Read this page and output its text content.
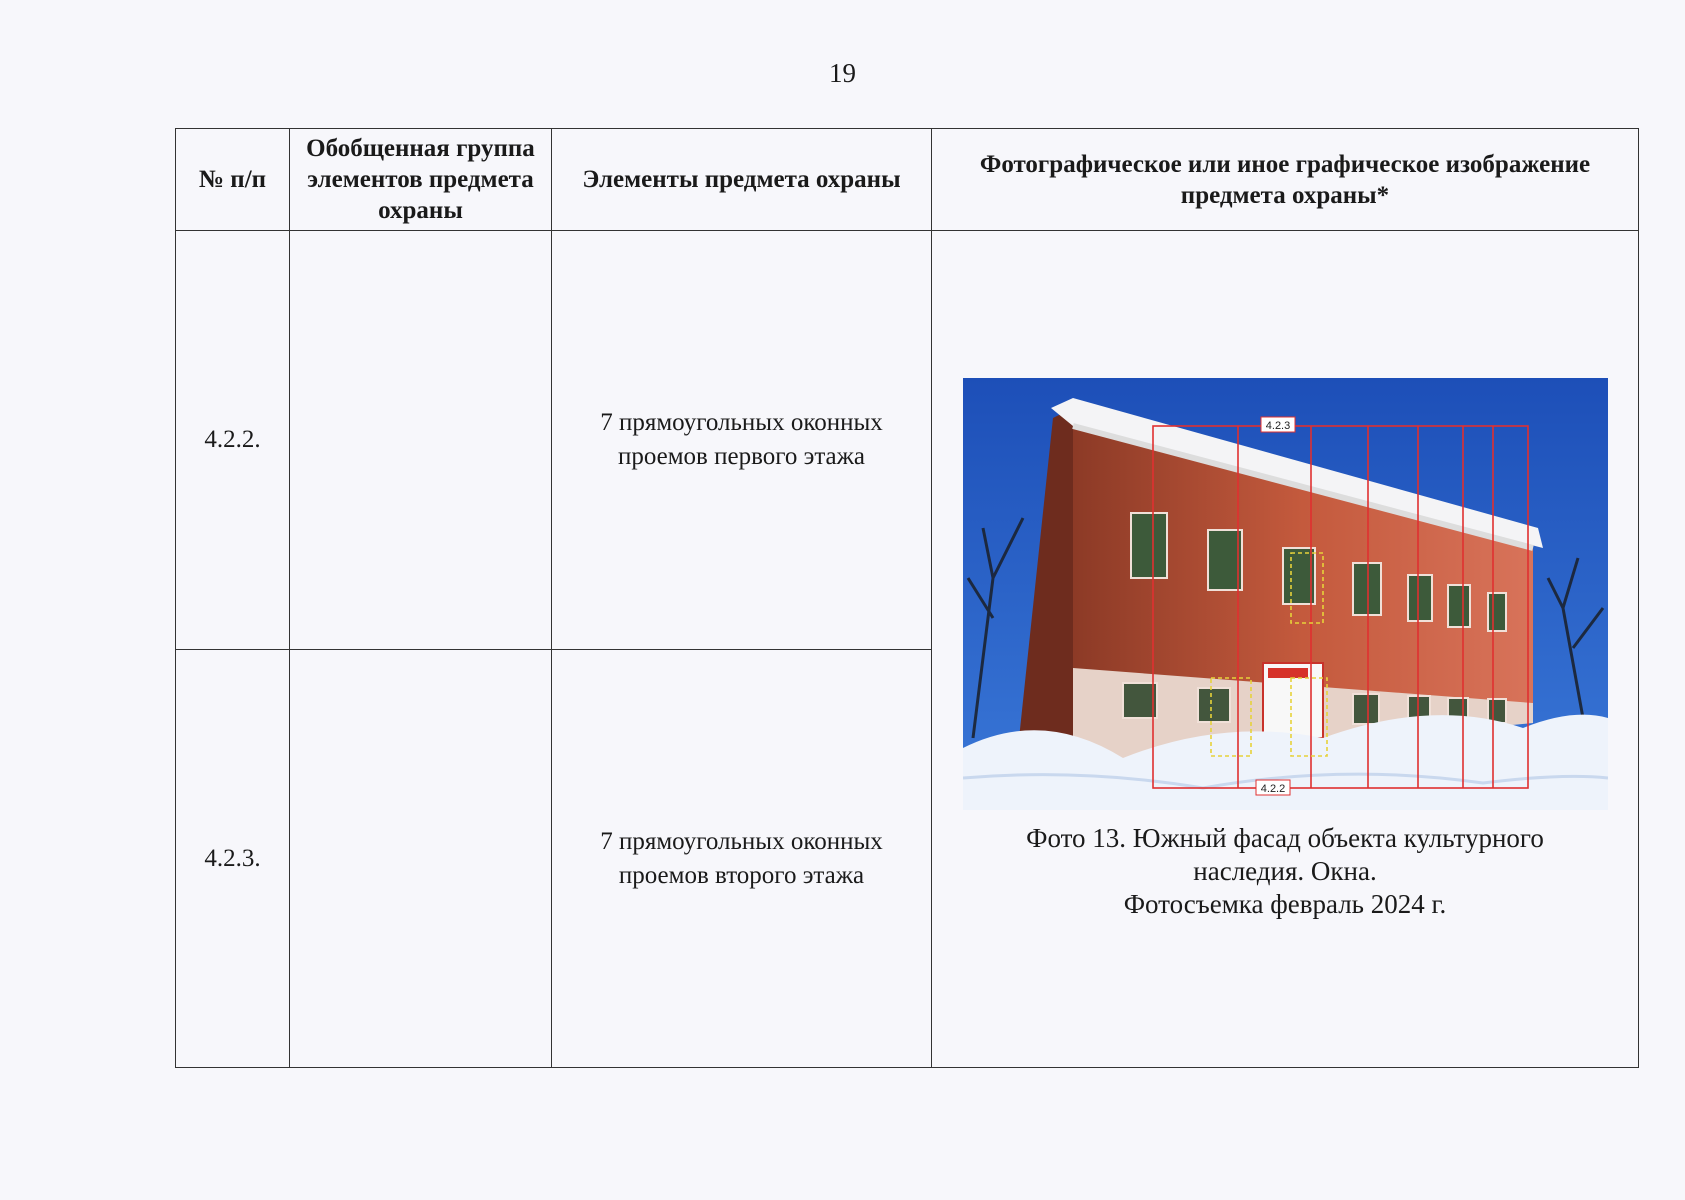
19
№ п/п	Обобщенная группа элементов предмета охраны	Элементы предмета охраны	Фотографическое или иное графическое изображение предмета охраны*
4.2.2.		7 прямоугольных оконных проемов первого этажа	4.2.3
4.2.2
Фото 13. Южный фасад объекта культурного
наследия. Окна.
Фотосъемка февраль 2024 г.

4.2.3.		7 прямоугольных оконных проемов второго этажа	
